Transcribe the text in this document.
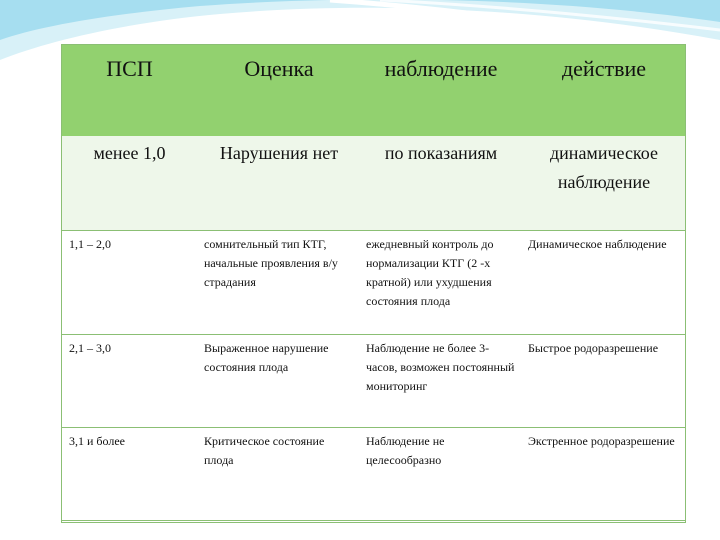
ПСП	Оценка	наблюдение	действие
менее 1,0	Нарушения нет	по показаниям	динамическое наблюдение
1,1 – 2,0	сомнительный тип КТГ, начальные проявления в/у страдания	ежедневный контроль до нормализации КТГ (2 -х кратной) или ухудшения состояния плода	Динамическое наблюдение
2,1 – 3,0	Выраженное нарушение состояния плода	Наблюдение не более 3-часов, возможен постоянный мониторинг	Быстрое родоразрешение
3,1 и более	Критическое состояние плода	Наблюдение не целесообразно	Экстренное родоразрешение
